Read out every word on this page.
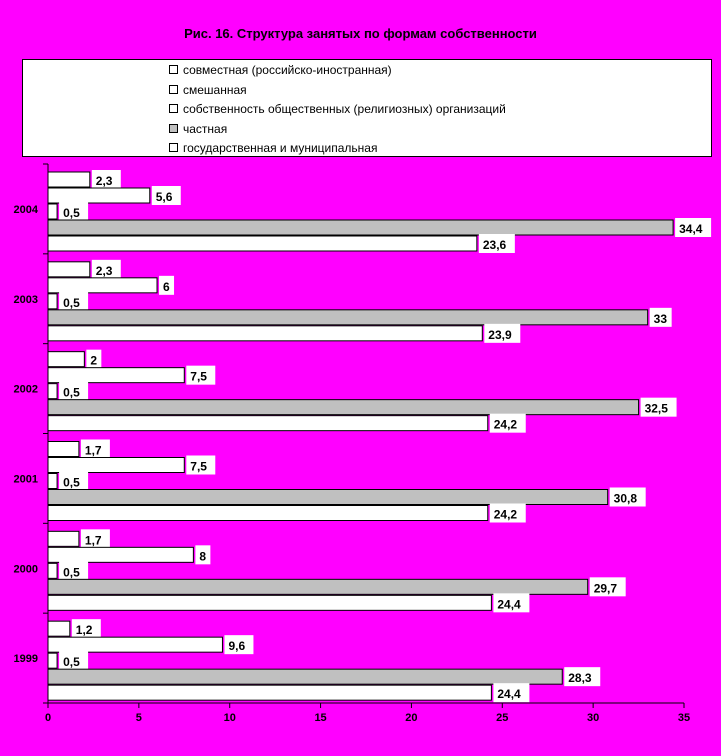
Рис. 16. Структура занятых по формам собственности
совместная (российско-иностранная)
смешанная
собственность общественных (религиозных) организаций
частная
государственная и муниципальная
0	5	10	15	20	25	30	35
2004
2003
2002
2001
2000
1999
2,3
5,6
0,5
34,4
23,6
2,3
6
0,5
33
23,9
2
7,5
0,5
32,5
24,2
1,7
7,5
0,5
30,8
24,2
1,7
8
0,5
29,7
24,4
1,2
9,6
0,5
28,3
24,4
